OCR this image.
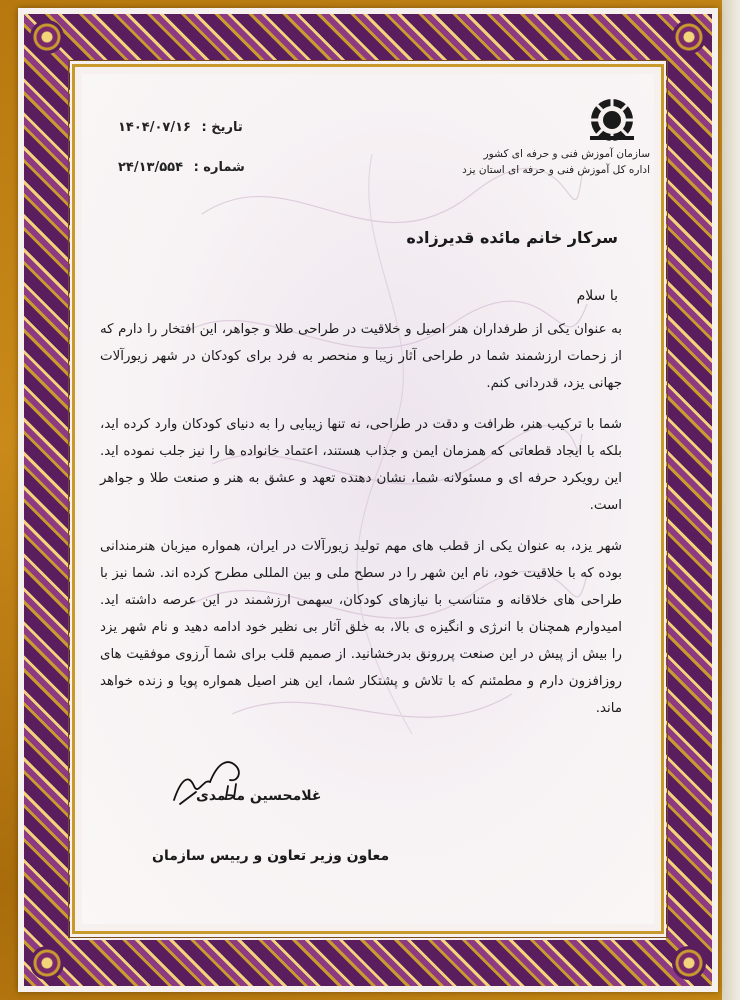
سازمان آموزش فنی و حرفه ای کشور
اداره کل آموزش فنی و حرفه ای استان یزد
تاریخ : ۱۴۰۴/۰۷/۱۶
شماره : ۲۴/۱۳/۵۵۴
سرکار خانم مائده قدیرزاده
با سلام

به عنوان یکی از طرفداران هنر اصیل و خلاقیت در طراحی طلا و جواهر، این افتخار را دارم که از زحمات ارزشمند شما در طراحی آثار زیبا و منحصر به فرد برای کودکان در شهر زیورآلات جهانی یزد، قدردانی کنم.

شما با ترکیب هنر، ظرافت و دقت در طراحی، نه تنها زیبایی را به دنیای کودکان وارد کرده اید، بلکه با ایجاد قطعاتی که همزمان ایمن و جذاب هستند، اعتماد خانواده ها را نیز جلب نموده اید. این رویکرد حرفه ای و مسئولانه شما، نشان دهنده تعهد و عشق به هنر و صنعت طلا و جواهر است.

شهر یزد، به عنوان یکی از قطب های مهم تولید زیورآلات در ایران، همواره میزبان هنرمندانی بوده که با خلاقیت خود، نام این شهر را در سطح ملی و بین المللی مطرح کرده اند. شما نیز با طراحی های خلاقانه و متناسب با نیازهای کودکان، سهمی ارزشمند در این عرصه داشته اید. امیدوارم همچنان با انرژی و انگیزه ی بالا، به خلق آثار بی نظیر خود ادامه دهید و نام شهر یزد را بیش از پیش در این صنعت پررونق بدرخشانید. از صمیم قلب برای شما آرزوی موفقیت های روزافزون دارم و مطمئنم که با تلاش و پشتکار شما، این هنر اصیل همواره پویا و زنده خواهد ماند.

غلامحسین محمدی
معاون وزیر تعاون و رییس سازمان
